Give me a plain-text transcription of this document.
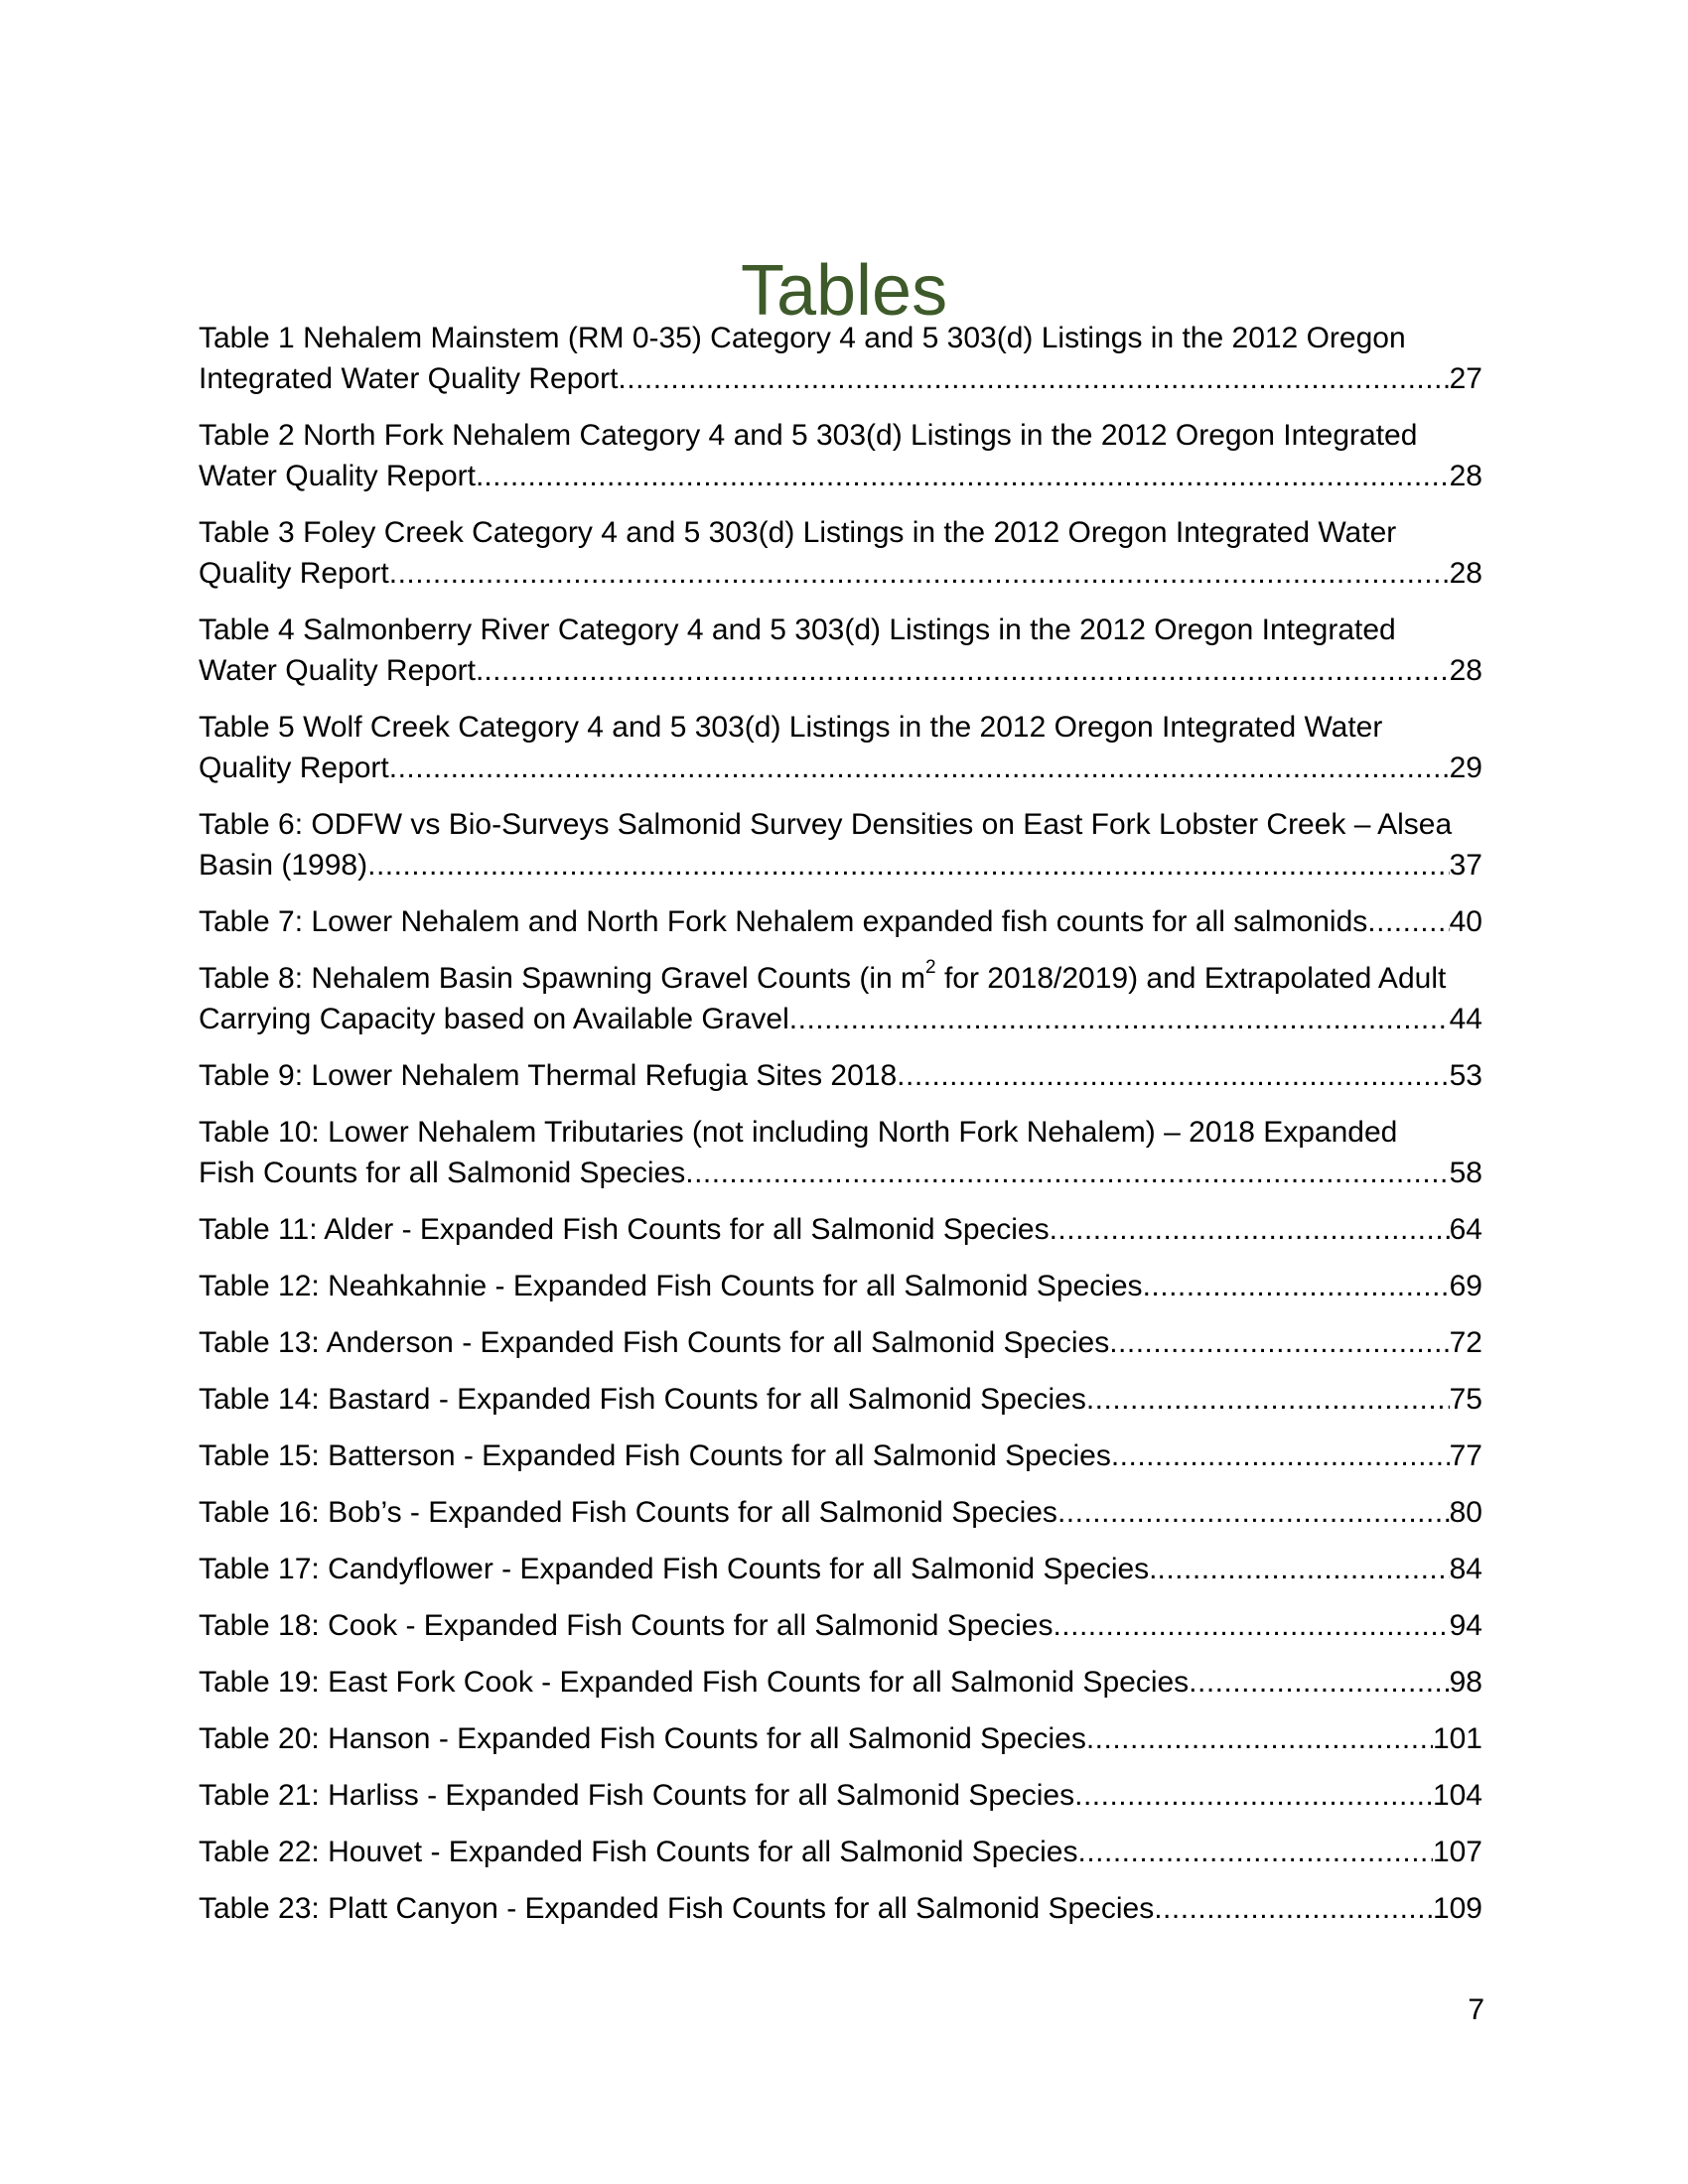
Tables
Table 1 Nehalem Mainstem (RM 0-35) Category 4 and 5 303(d) Listings in the 2012 Oregon
Integrated Water Quality Report .....	27
Table 2 North Fork Nehalem Category 4 and 5 303(d) Listings in the 2012 Oregon Integrated
Water Quality Report. .....	28
Table 3 Foley Creek Category 4 and 5 303(d) Listings in the 2012 Oregon Integrated Water
Quality Report .....	28
Table 4 Salmonberry River Category 4 and 5 303(d) Listings in the 2012 Oregon Integrated
Water Quality Report. .....	28
Table 5 Wolf Creek Category 4 and 5 303(d) Listings in the 2012 Oregon Integrated Water
Quality Report .....	29
Table 6: ODFW vs Bio-Surveys Salmonid Survey Densities on East Fork Lobster Creek – Alsea
Basin (1998) .....	37
Table 7: Lower Nehalem and North Fork Nehalem expanded fish counts for all salmonids .....	40
Table 8: Nehalem Basin Spawning Gravel Counts (in $m^2$ for 2018/2019) and Extrapolated Adult
Carrying Capacity based on Available Gravel .....	44
Table 9: Lower Nehalem Thermal Refugia Sites 2018 .....	53
Table 10: Lower Nehalem Tributaries (not including North Fork Nehalem) – 2018 Expanded
Fish Counts for all Salmonid Species .....	58
Table 11: Alder - Expanded Fish Counts for all Salmonid Species .....	64
Table 12: Neahkahnie - Expanded Fish Counts for all Salmonid Species .....	69
Table 13: Anderson - Expanded Fish Counts for all Salmonid Species .....	72
Table 14: Bastard - Expanded Fish Counts for all Salmonid Species .....	75
Table 15: Batterson - Expanded Fish Counts for all Salmonid Species .....	77
Table 16: Bob’s - Expanded Fish Counts for all Salmonid Species .....	80
Table 17: Candyflower - Expanded Fish Counts for all Salmonid Species. .....	84
Table 18: Cook - Expanded Fish Counts for all Salmonid Species .....	94
Table 19: East Fork Cook - Expanded Fish Counts for all Salmonid Species .....	98
Table 20: Hanson - Expanded Fish Counts for all Salmonid Species .....	101
Table 21: Harliss - Expanded Fish Counts for all Salmonid Species .....	104
Table 22: Houvet - Expanded Fish Counts for all Salmonid Species .....	107
Table 23: Platt Canyon - Expanded Fish Counts for all Salmonid Species .....	109
7
